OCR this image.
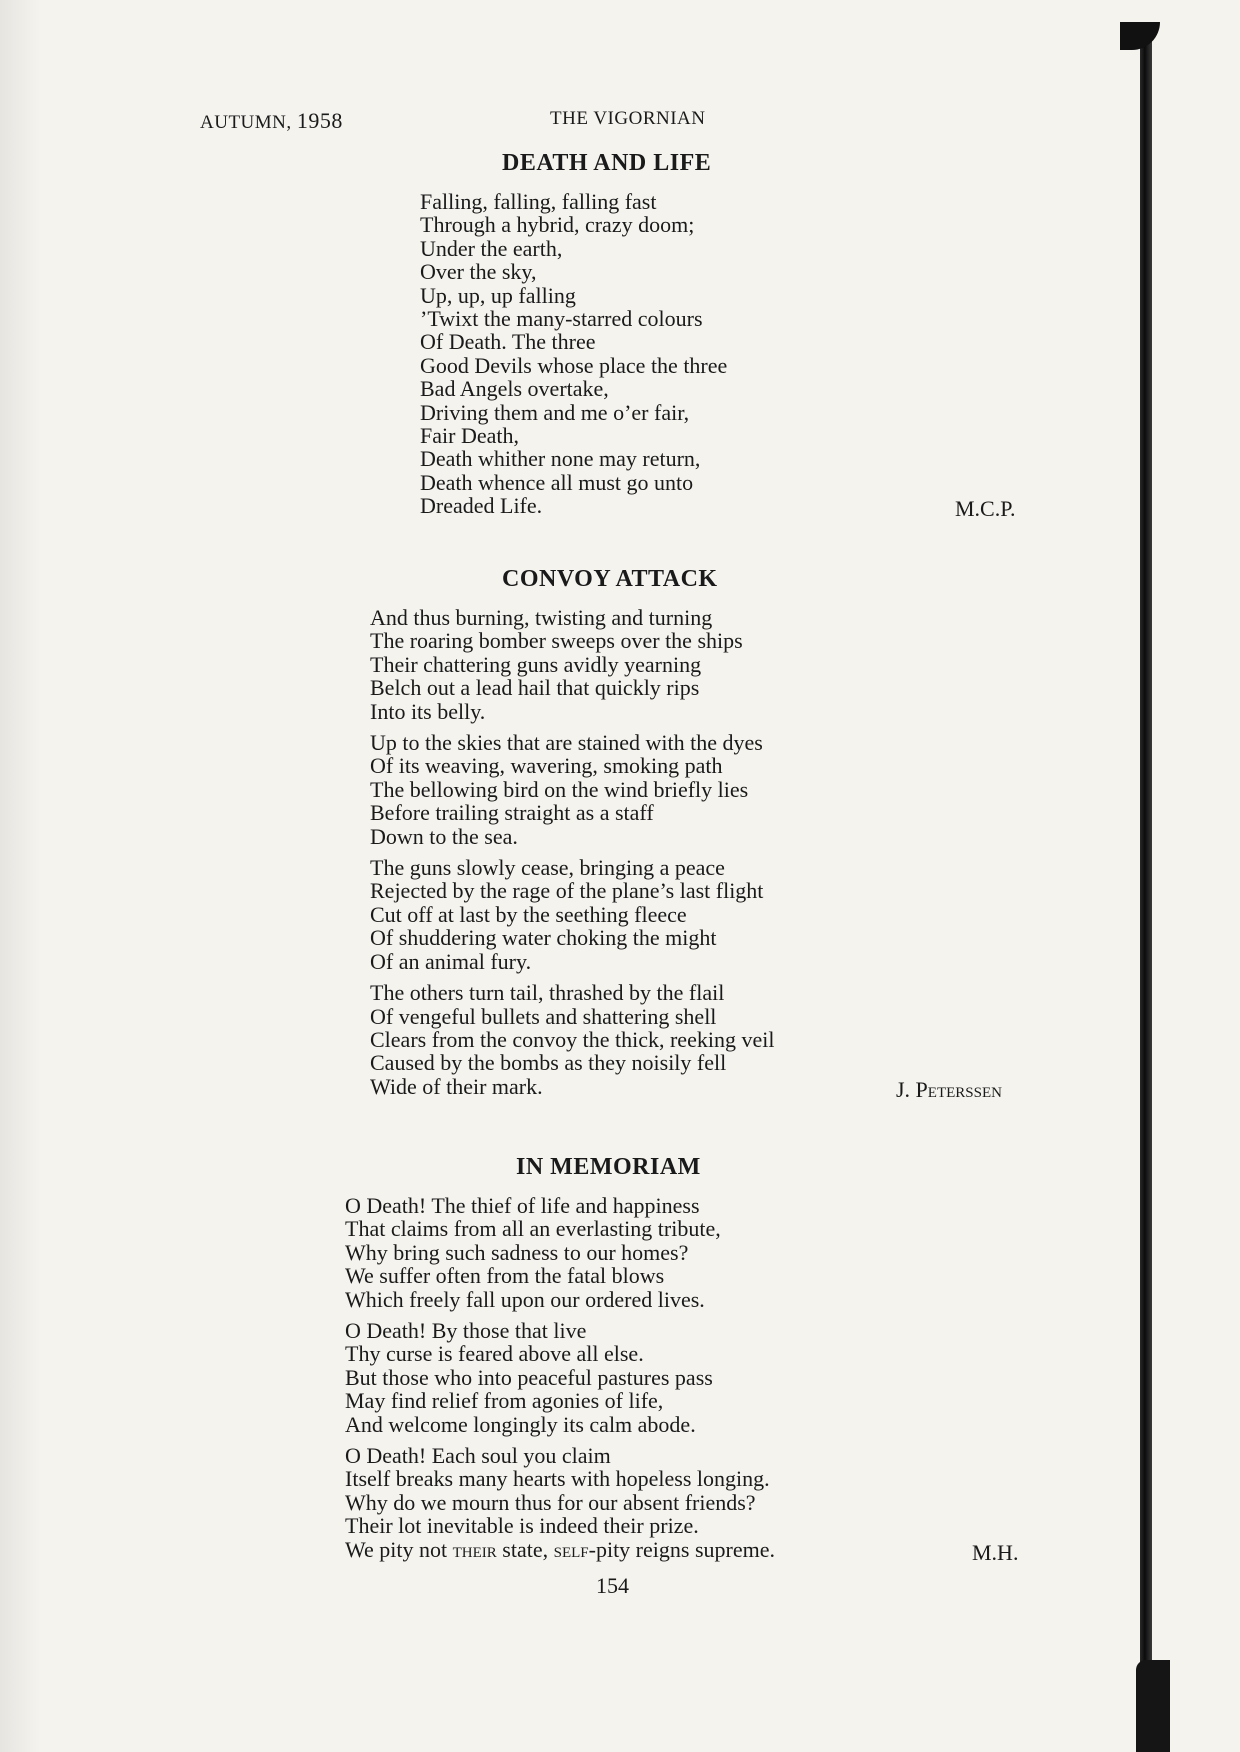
AUTUMN, 1958	THE VIGORNIAN
DEATH AND LIFE
Falling, falling, falling fast
Through a hybrid, crazy doom;
Under the earth,
Over the sky,
Up, up, up falling
’Twixt the many-starred colours
Of Death. The three
Good Devils whose place the three
Bad Angels overtake,
Driving them and me o’er fair,
Fair Death,
Death whither none may return,
Death whence all must go unto
Dreaded Life.	M.C.P.
CONVOY ATTACK
And thus burning, twisting and turning
The roaring bomber sweeps over the ships
Their chattering guns avidly yearning
Belch out a lead hail that quickly rips
Into its belly.
Up to the skies that are stained with the dyes
Of its weaving, wavering, smoking path
The bellowing bird on the wind briefly lies
Before trailing straight as a staff
Down to the sea.
The guns slowly cease, bringing a peace
Rejected by the rage of the plane’s last flight
Cut off at last by the seething fleece
Of shuddering water choking the might
Of an animal fury.
The others turn tail, thrashed by the flail
Of vengeful bullets and shattering shell
Clears from the convoy the thick, reeking veil
Caused by the bombs as they noisily fell
Wide of their mark.	J. Peterssen
IN MEMORIAM
O Death! The thief of life and happiness
That claims from all an everlasting tribute,
Why bring such sadness to our homes?
We suffer often from the fatal blows
Which freely fall upon our ordered lives.
O Death! By those that live
Thy curse is feared above all else.
But those who into peaceful pastures pass
May find relief from agonies of life,
And welcome longingly its calm abode.
O Death! Each soul you claim
Itself breaks many hearts with hopeless longing.
Why do we mourn thus for our absent friends?
Their lot inevitable is indeed their prize.
We pity not their state, self-pity reigns supreme.	M.H.
154
